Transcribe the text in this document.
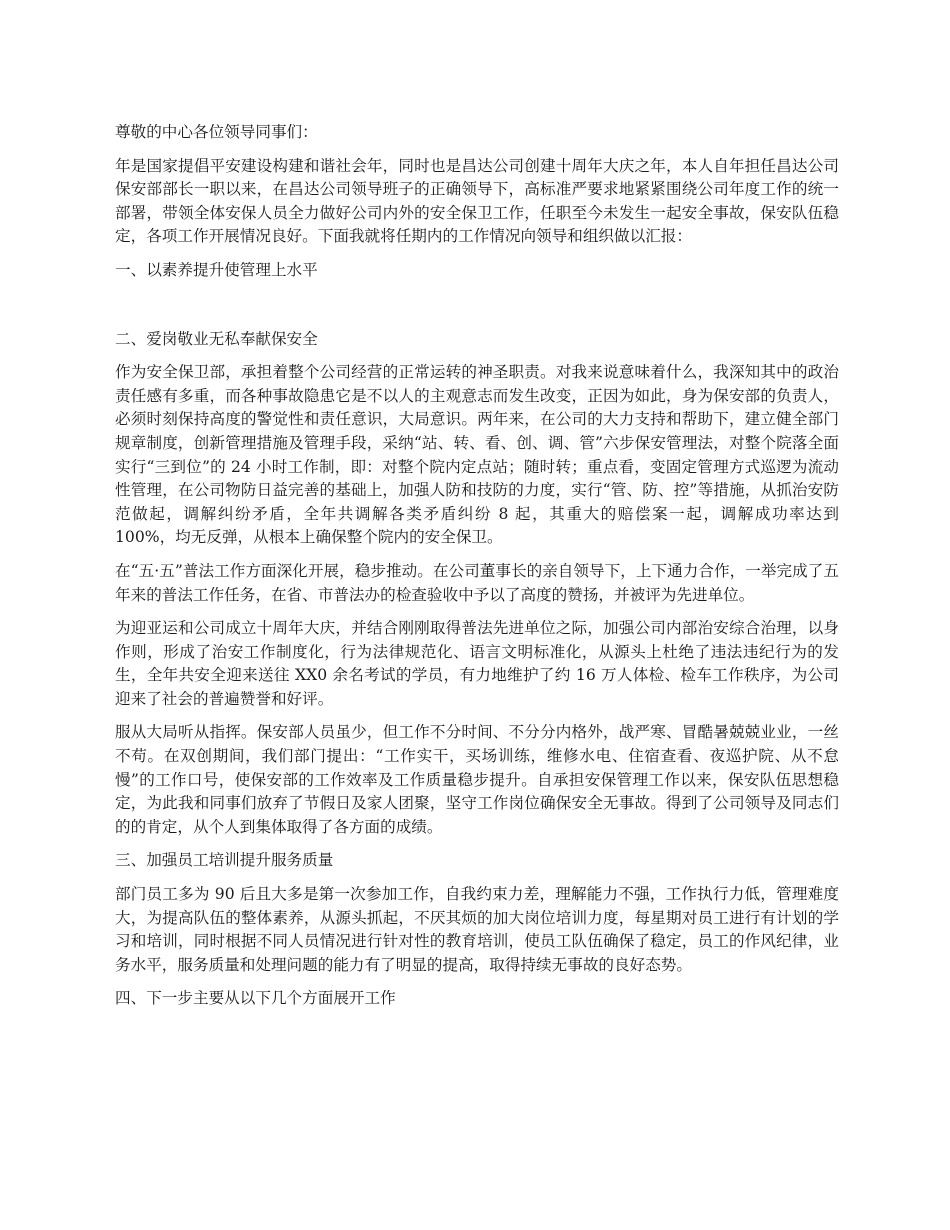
尊敬的中心各位领导同事们：

年是国家提倡平安建设构建和谐社会年，同时也是昌达公司创建十周年大庆之年，本人自年担任昌达公司保安部部长一职以来，在昌达公司领导班子的正确领导下，高标准严要求地紧紧围绕公司年度工作的统一部署，带领全体安保人员全力做好公司内外的安全保卫工作，任职至今未发生一起安全事故，保安队伍稳定，各项工作开展情况良好。下面我就将任期内的工作情况向领导和组织做以汇报：

一、以素养提升使管理上水平

二、爱岗敬业无私奉献保安全

作为安全保卫部，承担着整个公司经营的正常运转的神圣职责。对我来说意味着什么，我深知其中的政治责任感有多重，而各种事故隐患它是不以人的主观意志而发生改变，正因为如此，身为保安部的负责人，必须时刻保持高度的警觉性和责任意识，大局意识。两年来，在公司的大力支持和帮助下，建立健全部门规章制度，创新管理措施及管理手段，采纳“站、转、看、创、调、管”六步保安管理法，对整个院落全面实行“三到位”的 24 小时工作制，即：对整个院内定点站；随时转；重点看，变固定管理方式巡逻为流动性管理，在公司物防日益完善的基础上，加强人防和技防的力度，实行“管、防、控”等措施，从抓治安防范做起，调解纠纷矛盾，全年共调解各类矛盾纠纷 8 起，其重大的赔偿案一起，调解成功率达到 100%，均无反弹，从根本上确保整个院内的安全保卫。

在“五·五”普法工作方面深化开展，稳步推动。在公司董事长的亲自领导下，上下通力合作，一举完成了五年来的普法工作任务，在省、市普法办的检查验收中予以了高度的赞扬，并被评为先进单位。

为迎亚运和公司成立十周年大庆，并结合刚刚取得普法先进单位之际，加强公司内部治安综合治理，以身作则，形成了治安工作制度化，行为法律规范化、语言文明标准化，从源头上杜绝了违法违纪行为的发生，全年共安全迎来送往 XX0 余名考试的学员，有力地维护了约 16 万人体检、检车工作秩序，为公司迎来了社会的普遍赞誉和好评。

服从大局听从指挥。保安部人员虽少，但工作不分时间、不分分内格外，战严寒、冒酷暑兢兢业业，一丝不苟。在双创期间，我们部门提出：“工作实干，买场训练，维修水电、住宿查看、夜巡护院、从不怠慢”的工作口号，使保安部的工作效率及工作质量稳步提升。自承担安保管理工作以来，保安队伍思想稳定，为此我和同事们放弃了节假日及家人团聚，坚守工作岗位确保安全无事故。得到了公司领导及同志们的的肯定，从个人到集体取得了各方面的成绩。

三、加强员工培训提升服务质量

部门员工多为 90 后且大多是第一次参加工作，自我约束力差，理解能力不强，工作执行力低，管理难度大，为提高队伍的整体素养，从源头抓起，不厌其烦的加大岗位培训力度，每星期对员工进行有计划的学习和培训，同时根据不同人员情况进行针对性的教育培训，使员工队伍确保了稳定，员工的作风纪律，业务水平，服务质量和处理问题的能力有了明显的提高，取得持续无事故的良好态势。

四、下一步主要从以下几个方面展开工作
